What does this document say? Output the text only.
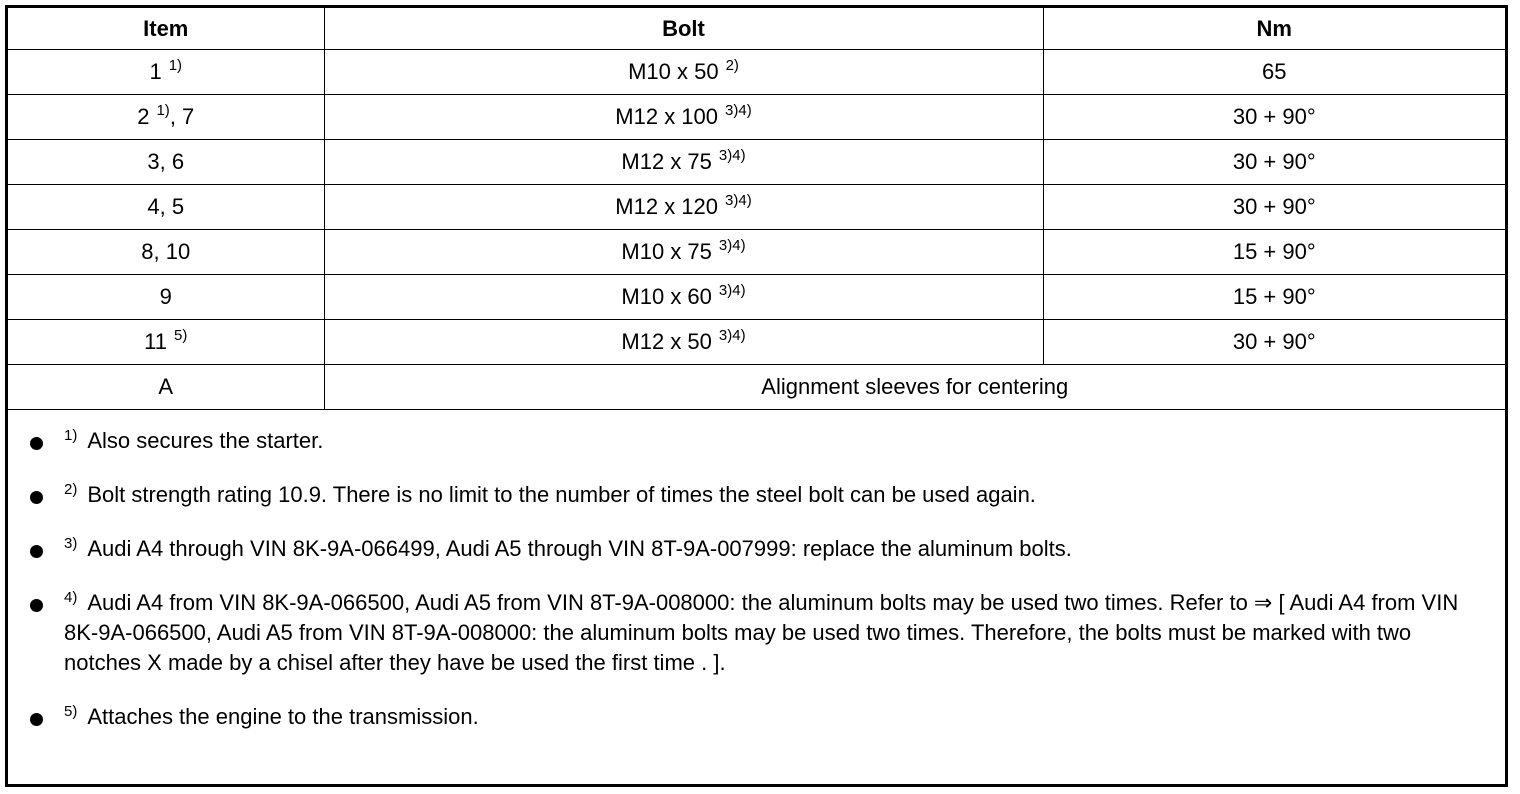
Item	Bolt	Nm
1 $^{1)}$	M10 x 50 $^{2)}$	65
2 $^{1)}$, 7	M12 x 100 $^{3)4)}$	30 + 90°
3, 6	M12 x 75 $^{3)4)}$	30 + 90°
4, 5	M12 x 120 $^{3)4)}$	30 + 90°
8, 10	M10 x 75 $^{3)4)}$	15 + 90°
9	M10 x 60 $^{3)4)}$	15 + 90°
11 $^{5)}$	M12 x 50 $^{3)4)}$	30 + 90°
A	Alignment sleeves for centering	
1) Also secures the starter.
2) Bolt strength rating 10.9. There is no limit to the number of times the steel bolt can be used again.
3) Audi A4 through VIN 8K-9A-066499, Audi A5 through VIN 8T-9A-007999: replace the aluminum bolts.
4) Audi A4 from VIN 8K-9A-066500, Audi A5 from VIN 8T-9A-008000: the aluminum bolts may be used two times. Refer to ⇒ [ Audi A4 from VIN 8K-9A-066500, Audi A5 from VIN 8T-9A-008000: the aluminum bolts may be used two times. Therefore, the bolts must be marked with two notches X made by a chisel after they have be used the first time . ].
5) Attaches the engine to the transmission.
